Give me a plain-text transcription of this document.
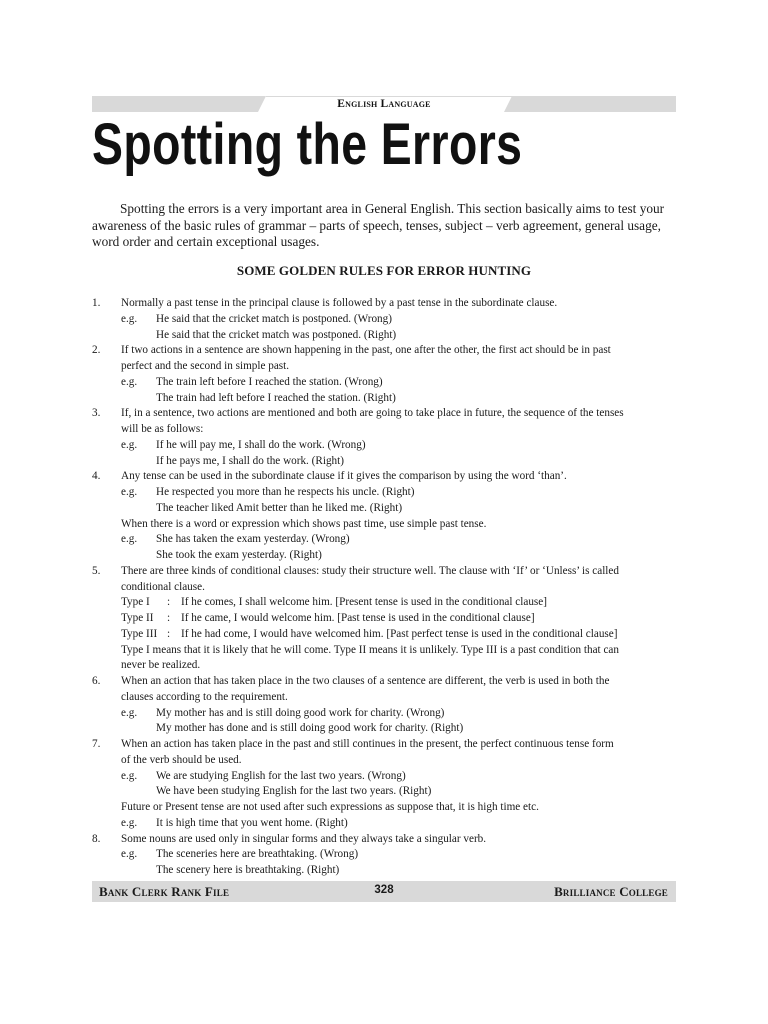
English Language
Spotting the Errors

Spotting the errors is a very important area in General English. This section basically aims to test your awareness of the basic rules of grammar – parts of speech, tenses, subject – verb agreement, general usage, word order and certain exceptional usages.

SOME GOLDEN RULES FOR ERROR HUNTING
1. Normally a past tense in the principal clause is followed by a past tense in the subordinate clause.
e.g. He said that the cricket match is postponed. (Wrong)
He said that the cricket match was postponed. (Right)
2. If two actions in a sentence are shown happening in the past, one after the other, the first act should be in past
perfect and the second in simple past.
e.g. The train left before I reached the station. (Wrong)
The train had left before I reached the station. (Right)
3. If, in a sentence, two actions are mentioned and both are going to take place in future, the sequence of the tenses
will be as follows:
e.g. If he will pay me, I shall do the work. (Wrong)
If he pays me, I shall do the work. (Right)
4. Any tense can be used in the subordinate clause if it gives the comparison by using the word ‘than’.
e.g. He respected you more than he respects his uncle. (Right)
The teacher liked Amit better than he liked me. (Right)
When there is a word or expression which shows past time, use simple past tense.
e.g. She has taken the exam yesterday. (Wrong)
She took the exam yesterday. (Right)
5. There are three kinds of conditional clauses: study their structure well. The clause with ‘If’ or ‘Unless’ is called
conditional clause.
Type I : If he comes, I shall welcome him. [Present tense is used in the conditional clause]
Type II : If he came, I would welcome him. [Past tense is used in the conditional clause]
Type III : If he had come, I would have welcomed him. [Past perfect tense is used in the conditional clause]
Type I means that it is likely that he will come. Type II means it is unlikely. Type III is a past condition that can
never be realized.
6. When an action that has taken place in the two clauses of a sentence are different, the verb is used in both the
clauses according to the requirement.
e.g. My mother has and is still doing good work for charity. (Wrong)
My mother has done and is still doing good work for charity. (Right)
7. When an action has taken place in the past and still continues in the present, the perfect continuous tense form
of the verb should be used.
e.g. We are studying English for the last two years. (Wrong)
We have been studying English for the last two years. (Right)
Future or Present tense are not used after such expressions as suppose that, it is high time etc.
e.g. It is high time that you went home. (Right)
8. Some nouns are used only in singular forms and they always take a singular verb.
e.g. The sceneries here are breathtaking. (Wrong)
The scenery here is breathtaking. (Right)
Bank Clerk Rank File	328	Brilliance College
